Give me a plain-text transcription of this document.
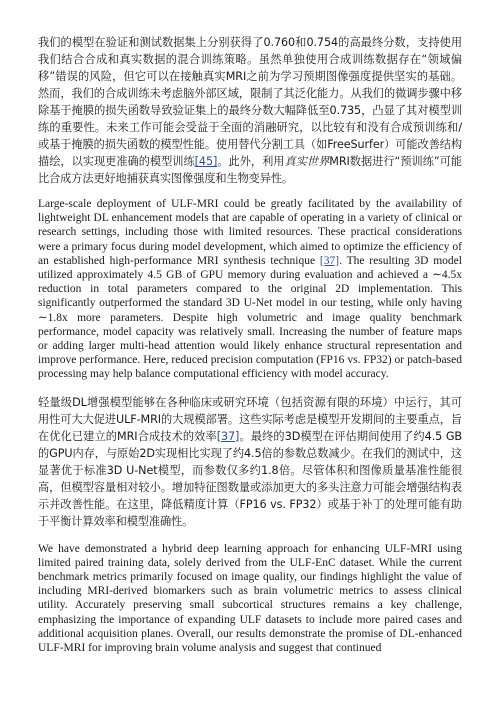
我们的模型在验证和测试数据集上分别获得了0.760和0.754的高最终分数，支持使用我们结合合成和真实数据的混合训练策略。虽然单独使用合成训练数据存在“领域偏移”错误的风险，但它可以在接触真实MRI之前为学习预期图像强度提供坚实的基础。然而，我们的合成训练未考虑脑外部区域，限制了其泛化能力。从我们的微调步骤中移除基于掩膜的损失函数导致验证集上的最终分数大幅降低至0.735，凸显了其对模型训练的重要性。未来工作可能会受益于全面的消融研究，以比较有和没有合成预训练和/或基于掩膜的损失函数的模型性能。使用替代分割工具（如FreeSurfer）可能改善结构描绘，以实现更准确的模型训练[45]。此外，利用真实世界MRI数据进行“预训练”可能比合成方法更好地捕获真实图像强度和生物变异性。

Large-scale deployment of ULF-MRI could be greatly facilitated by the availability of lightweight DL enhancement models that are capable of operating in a variety of clinical or research settings, including those with limited resources. These practical considerations were a primary focus during model development, which aimed to optimize the efficiency of an established high-performance MRI synthesis technique [37]. The resulting 3D model utilized approximately 4.5 GB of GPU memory during evaluation and achieved a ∼4.5x reduction in total parameters compared to the original 2D implementation. This significantly outperformed the standard 3D U-Net model in our testing, while only having ∼1.8x more parameters. Despite high volumetric and image quality benchmark performance, model capacity was relatively small. Increasing the number of feature maps or adding larger multi-head attention would likely enhance structural representation and improve performance. Here, reduced precision computation (FP16 vs. FP32) or patch-based processing may help balance computational efficiency with model accuracy.

轻量级DL增强模型能够在各种临床或研究环境（包括资源有限的环境）中运行，其可用性可大大促进ULF-MRI的大规模部署。这些实际考虑是模型开发期间的主要重点，旨在优化已建立的MRI合成技术的效率[37]。最终的3D模型在评估期间使用了约4.5 GB的GPU内存，与原始2D实现相比实现了约4.5倍的参数总数减少。在我们的测试中，这显著优于标准3D U-Net模型，而参数仅多约1.8倍。尽管体积和图像质量基准性能很高，但模型容量相对较小。增加特征图数量或添加更大的多头注意力可能会增强结构表示并改善性能。在这里，降低精度计算（FP16 vs. FP32）或基于补丁的处理可能有助于平衡计算效率和模型准确性。

We have demonstrated a hybrid deep learning approach for enhancing ULF-MRI using limited paired training data, solely derived from the ULF-EnC dataset. While the current benchmark metrics primarily focused on image quality, our findings highlight the value of including MRI-derived biomarkers such as brain volumetric metrics to assess clinical utility. Accurately preserving small subcortical structures remains a key challenge, emphasizing the importance of expanding ULF datasets to include more paired cases and additional acquisition planes. Overall, our results demonstrate the promise of DL-enhanced ULF-MRI for improving brain volume analysis and suggest that continued
